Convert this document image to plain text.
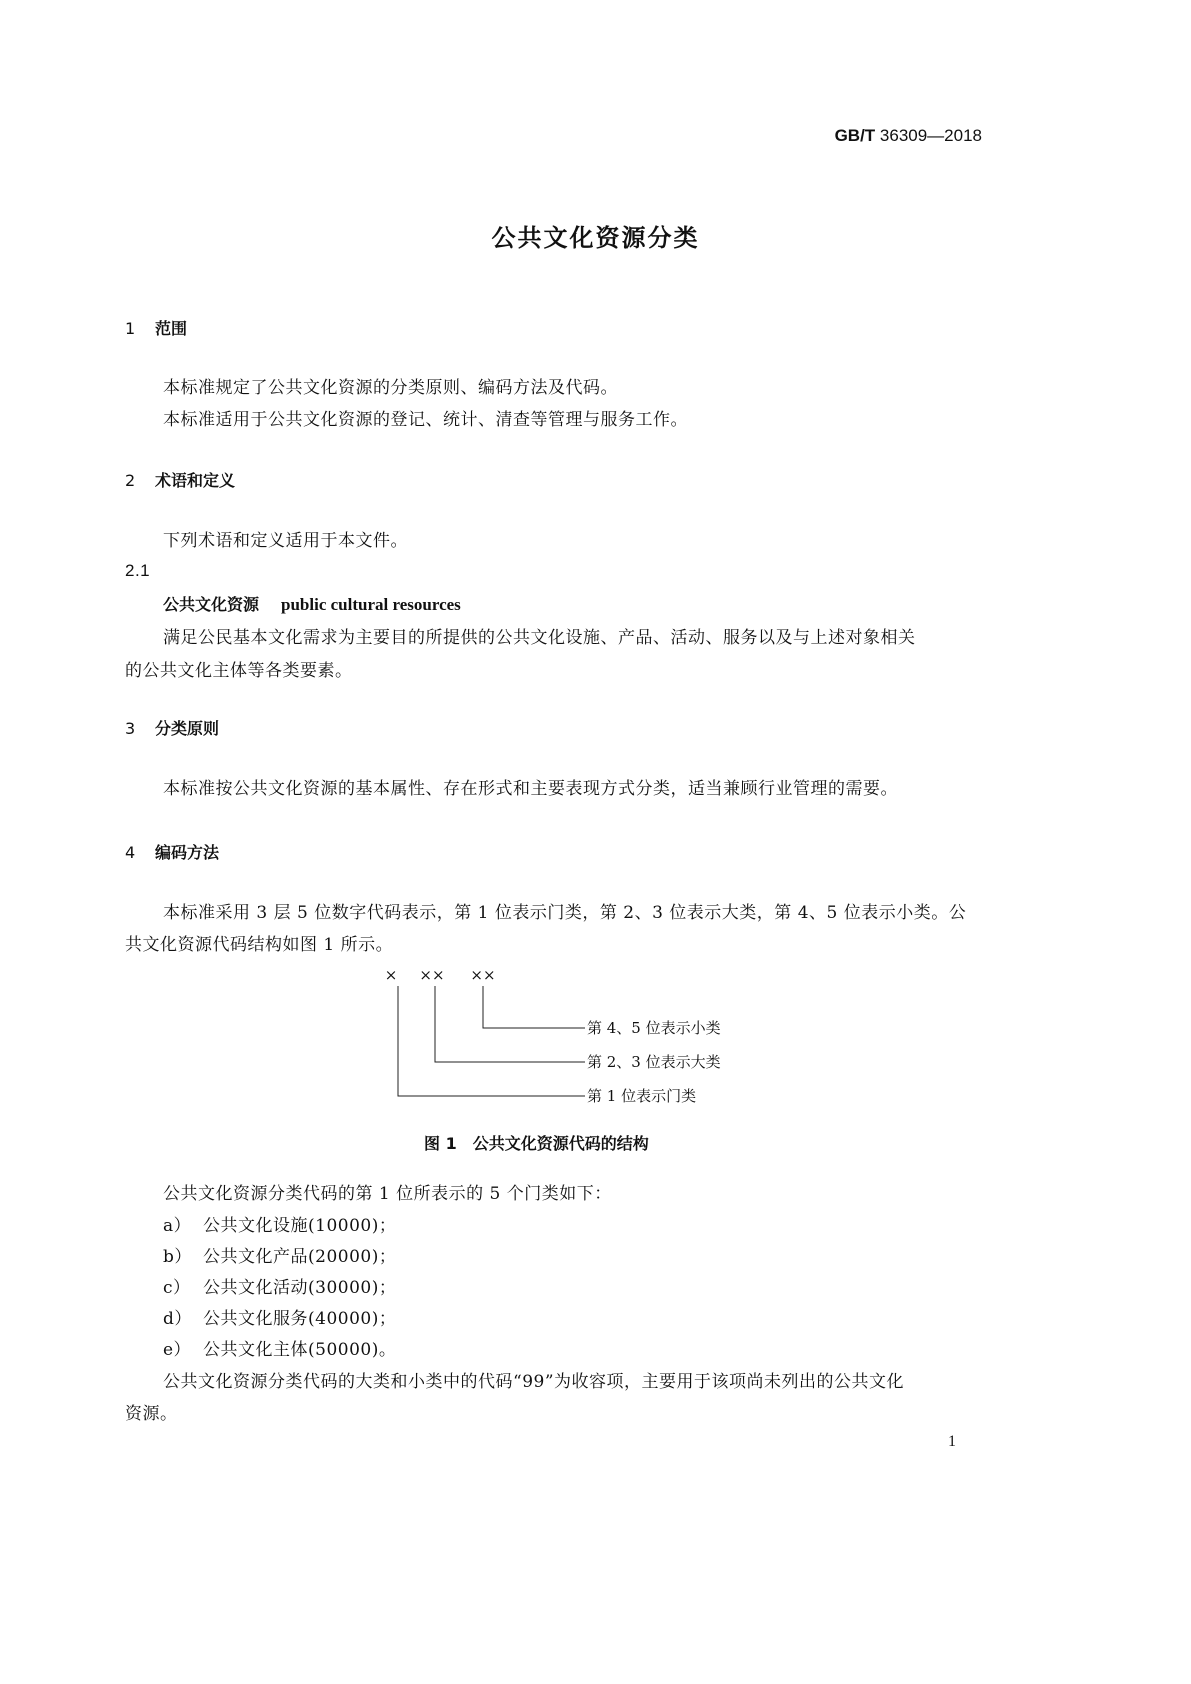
GB/T 36309—2018
公共文化资源分类
1 范围
本标准规定了公共文化资源的分类原则、编码方法及代码。
本标准适用于公共文化资源的登记、统计、清查等管理与服务工作。
2 术语和定义
下列术语和定义适用于本文件。
2.1
公共文化资源 public cultural resources
满足公民基本文化需求为主要目的所提供的公共文化设施、产品、活动、服务以及与上述对象相关
的公共文化主体等各类要素。
3 分类原则
本标准按公共文化资源的基本属性、存在形式和主要表现方式分类，适当兼顾行业管理的需要。
4 编码方法
本标准采用 3 层 5 位数字代码表示，第 1 位表示门类，第 2、3 位表示大类，第 4、5 位表示小类。公
共文化资源代码结构如图 1 所示。
× ×× ××
第 4、5 位表示小类
第 2、3 位表示大类
第 1 位表示门类
图 1　公共文化资源代码的结构
公共文化资源分类代码的第 1 位所表示的 5 个门类如下：
a） 公共文化设施(10000)；
b） 公共文化产品(20000)；
c） 公共文化活动(30000)；
d） 公共文化服务(40000)；
e） 公共文化主体(50000)。
公共文化资源分类代码的大类和小类中的代码“99”为收容项，主要用于该项尚未列出的公共文化
资源。
1
